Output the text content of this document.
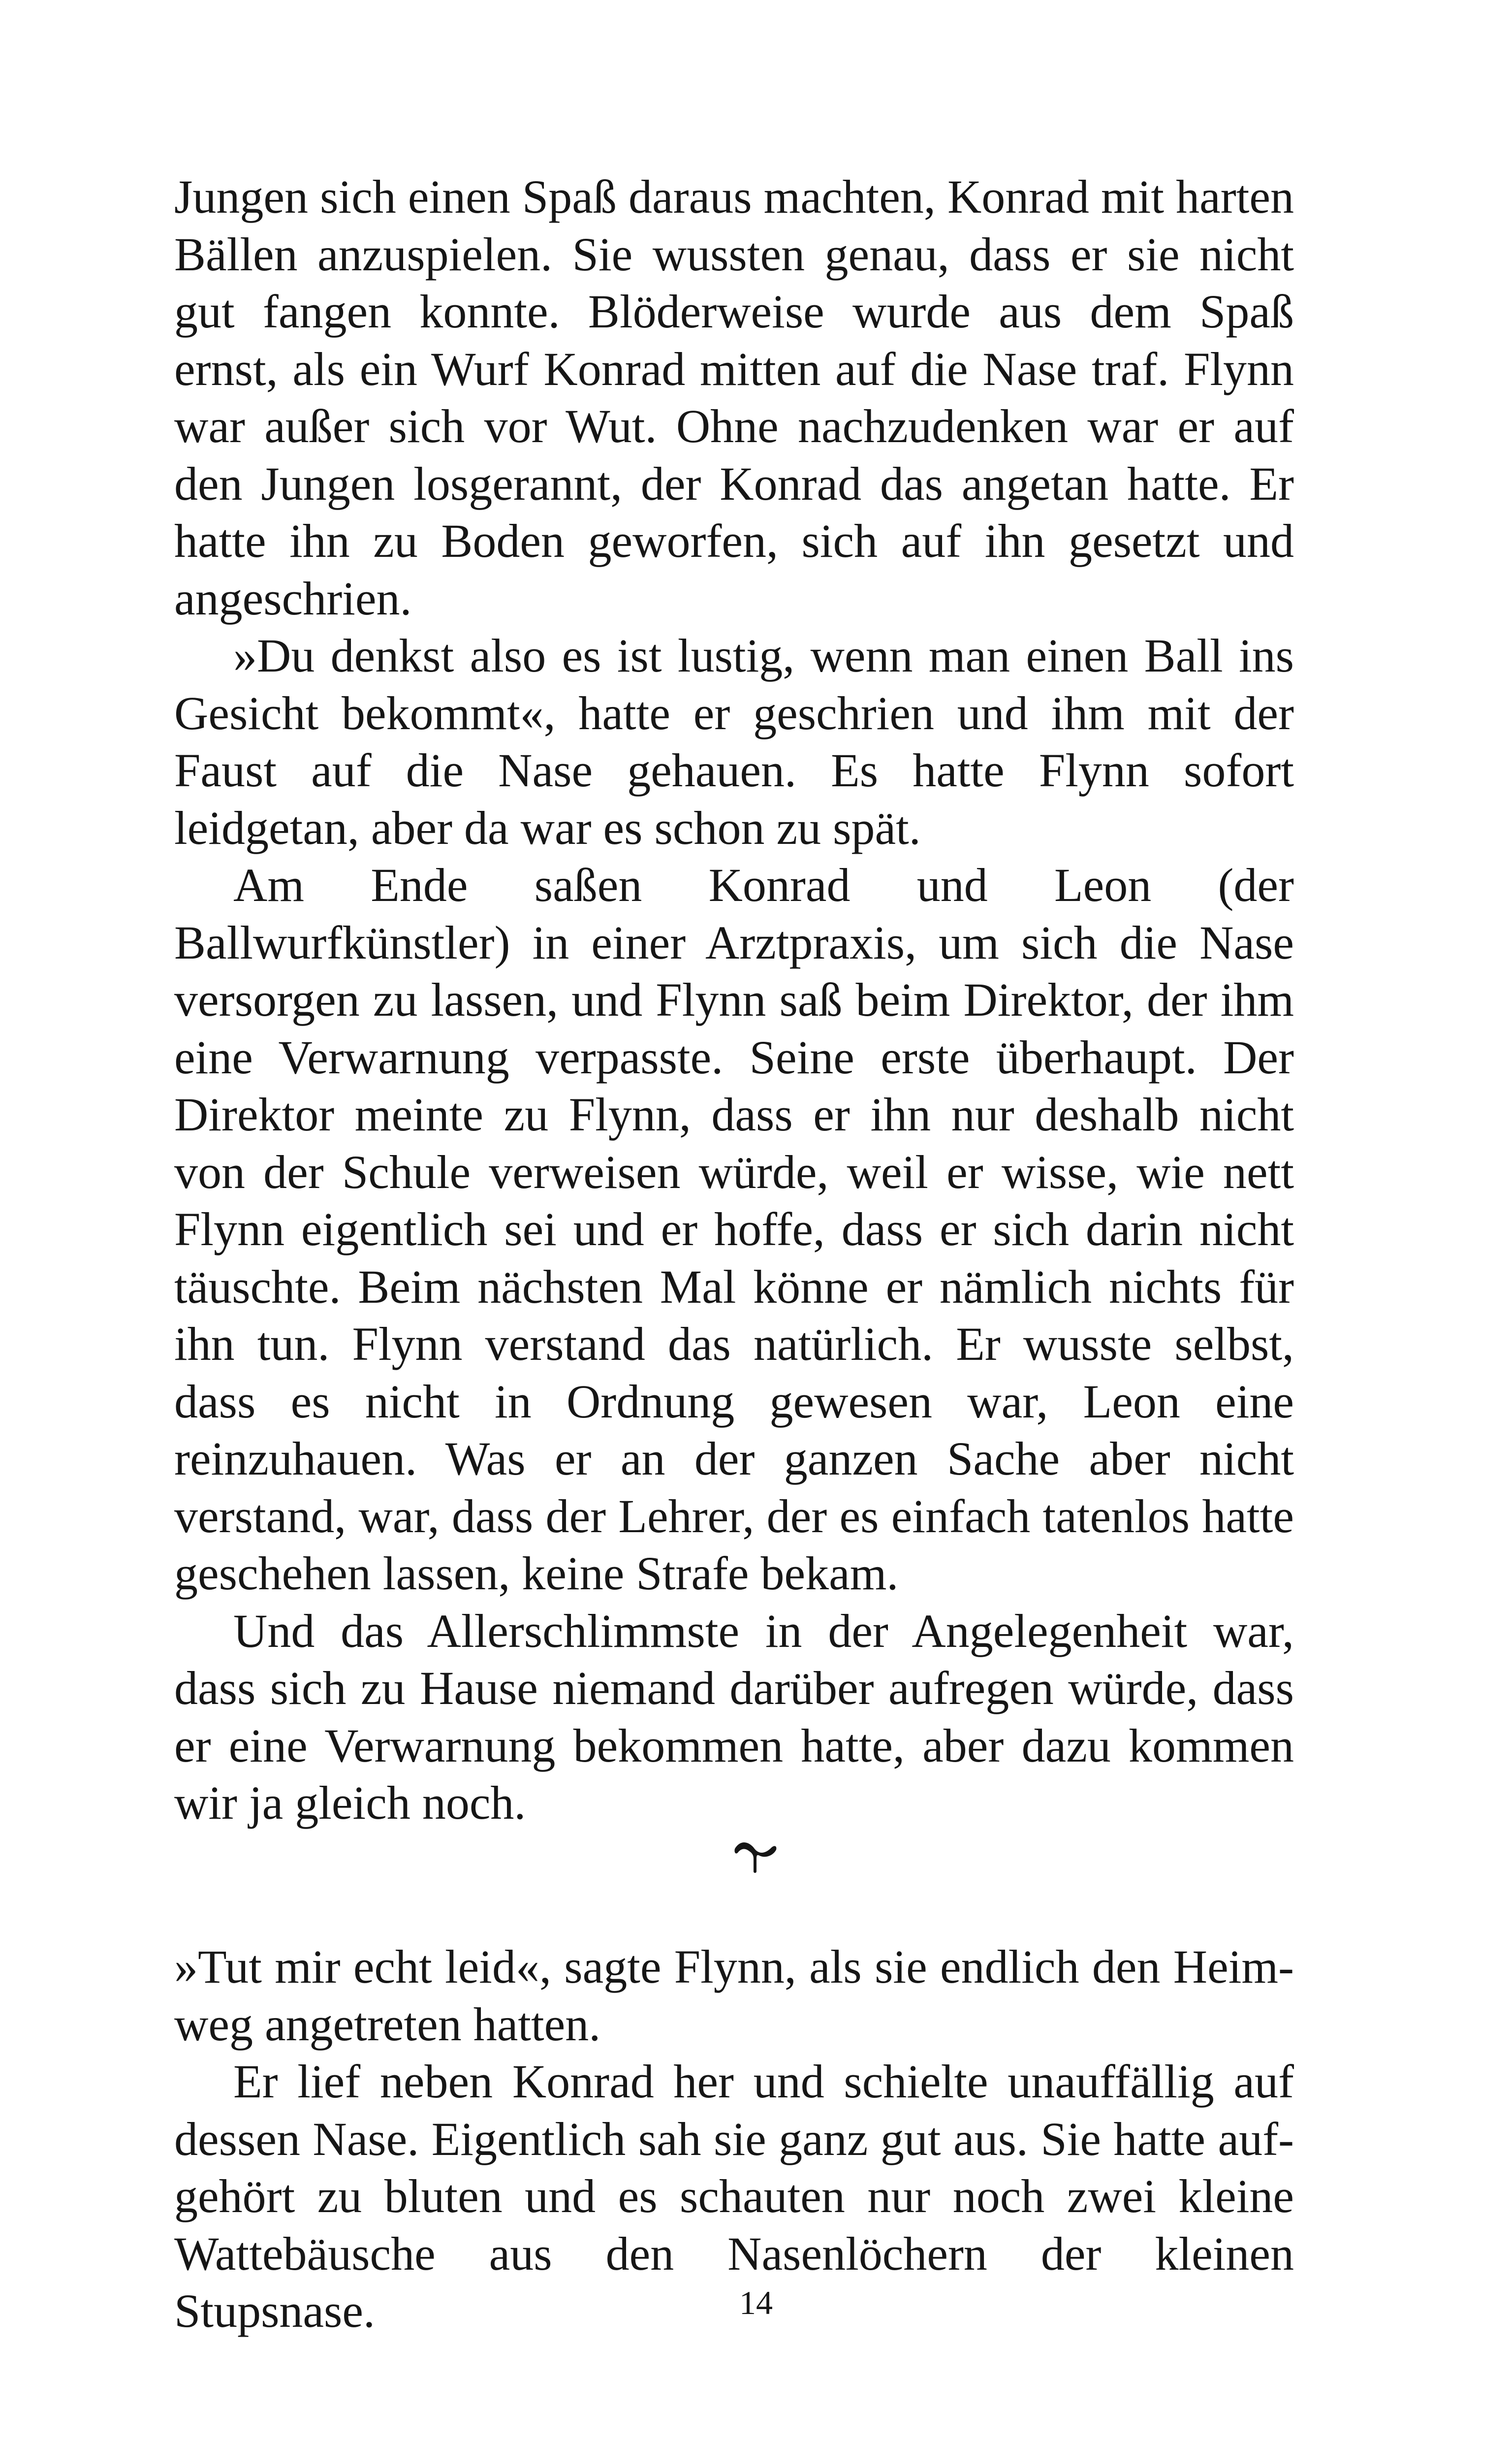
Jungen sich einen Spaß daraus machten, Konrad mit harten Bällen anzuspielen. Sie wussten genau, dass er sie nicht gut fangen konnte. Blöderweise wurde aus dem Spaß ernst, als ein Wurf Konrad mitten auf die Nase traf. Flynn war außer sich vor Wut. Ohne nachzudenken war er auf den Jungen losgerannt, der Konrad das angetan hatte. Er hatte ihn zu Boden geworfen, sich auf ihn gesetzt und angeschrien.

»Du denkst also es ist lustig, wenn man einen Ball ins Gesicht bekommt«, hatte er geschrien und ihm mit der Faust auf die Nase gehauen. Es hatte Flynn sofort leidgetan, aber da war es schon zu spät.

Am Ende saßen Konrad und Leon (der Ballwurfkünstler) in einer Arztpraxis, um sich die Nase versorgen zu lassen, und Flynn saß beim Direktor, der ihm eine Verwarnung verpasste. Seine erste überhaupt. Der Direktor meinte zu Flynn, dass er ihn nur deshalb nicht von der Schule verweisen würde, weil er wisse, wie nett Flynn eigentlich sei und er hoffe, dass er sich darin nicht täuschte. Beim nächsten Mal könne er nämlich nichts für ihn tun. Flynn verstand das natürlich. Er wusste selbst, dass es nicht in Ordnung gewesen war, Leon eine reinzuhauen. Was er an der ganzen Sache aber nicht verstand, war, dass der Lehrer, der es einfach tatenlos hatte geschehen lassen, keine Strafe bekam.

Und das Allerschlimmste in der Angelegenheit war, dass sich zu Hause niemand darüber aufregen würde, dass er eine Verwarnung bekommen hatte, aber dazu kommen wir ja gleich noch.

»Tut mir echt leid«, sagte Flynn, als sie endlich den Heimweg angetreten hatten.

Er lief neben Konrad her und schielte unauffällig auf dessen Nase. Eigentlich sah sie ganz gut aus. Sie hatte aufgehört zu bluten und es schauten nur noch zwei kleine Wattebäusche aus den Nasenlöchern der kleinen Stupsnase.	14
